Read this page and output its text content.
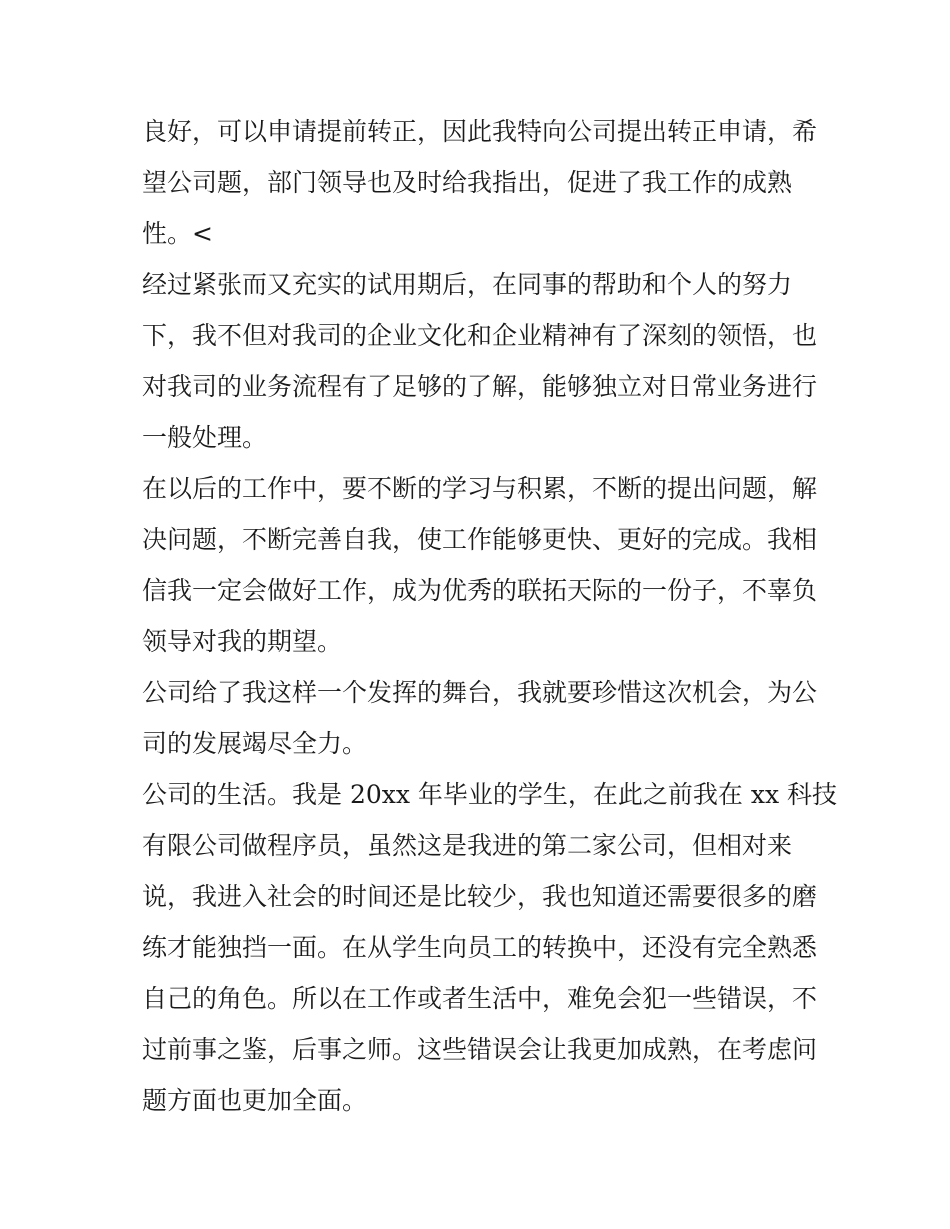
良好，可以申请提前转正，因此我特向公司提出转正申请，希
望公司题，部门领导也及时给我指出，促进了我工作的成熟
性。<
经过紧张而又充实的试用期后，在同事的帮助和个人的努力
下，我不但对我司的企业文化和企业精神有了深刻的领悟，也
对我司的业务流程有了足够的了解，能够独立对日常业务进行
一般处理。
在以后的工作中，要不断的学习与积累，不断的提出问题，解
决问题，不断完善自我，使工作能够更快、更好的完成。我相
信我一定会做好工作，成为优秀的联拓天际的一份子，不辜负
领导对我的期望。
公司给了我这样一个发挥的舞台，我就要珍惜这次机会，为公
司的发展竭尽全力。
公司的生活。我是 20xx 年毕业的学生，在此之前我在 xx 科技
有限公司做程序员，虽然这是我进的第二家公司，但相对来
说，我进入社会的时间还是比较少，我也知道还需要很多的磨
练才能独挡一面。在从学生向员工的转换中，还没有完全熟悉
自己的角色。所以在工作或者生活中，难免会犯一些错误，不
过前事之鉴，后事之师。这些错误会让我更加成熟，在考虑问
题方面也更加全面。
